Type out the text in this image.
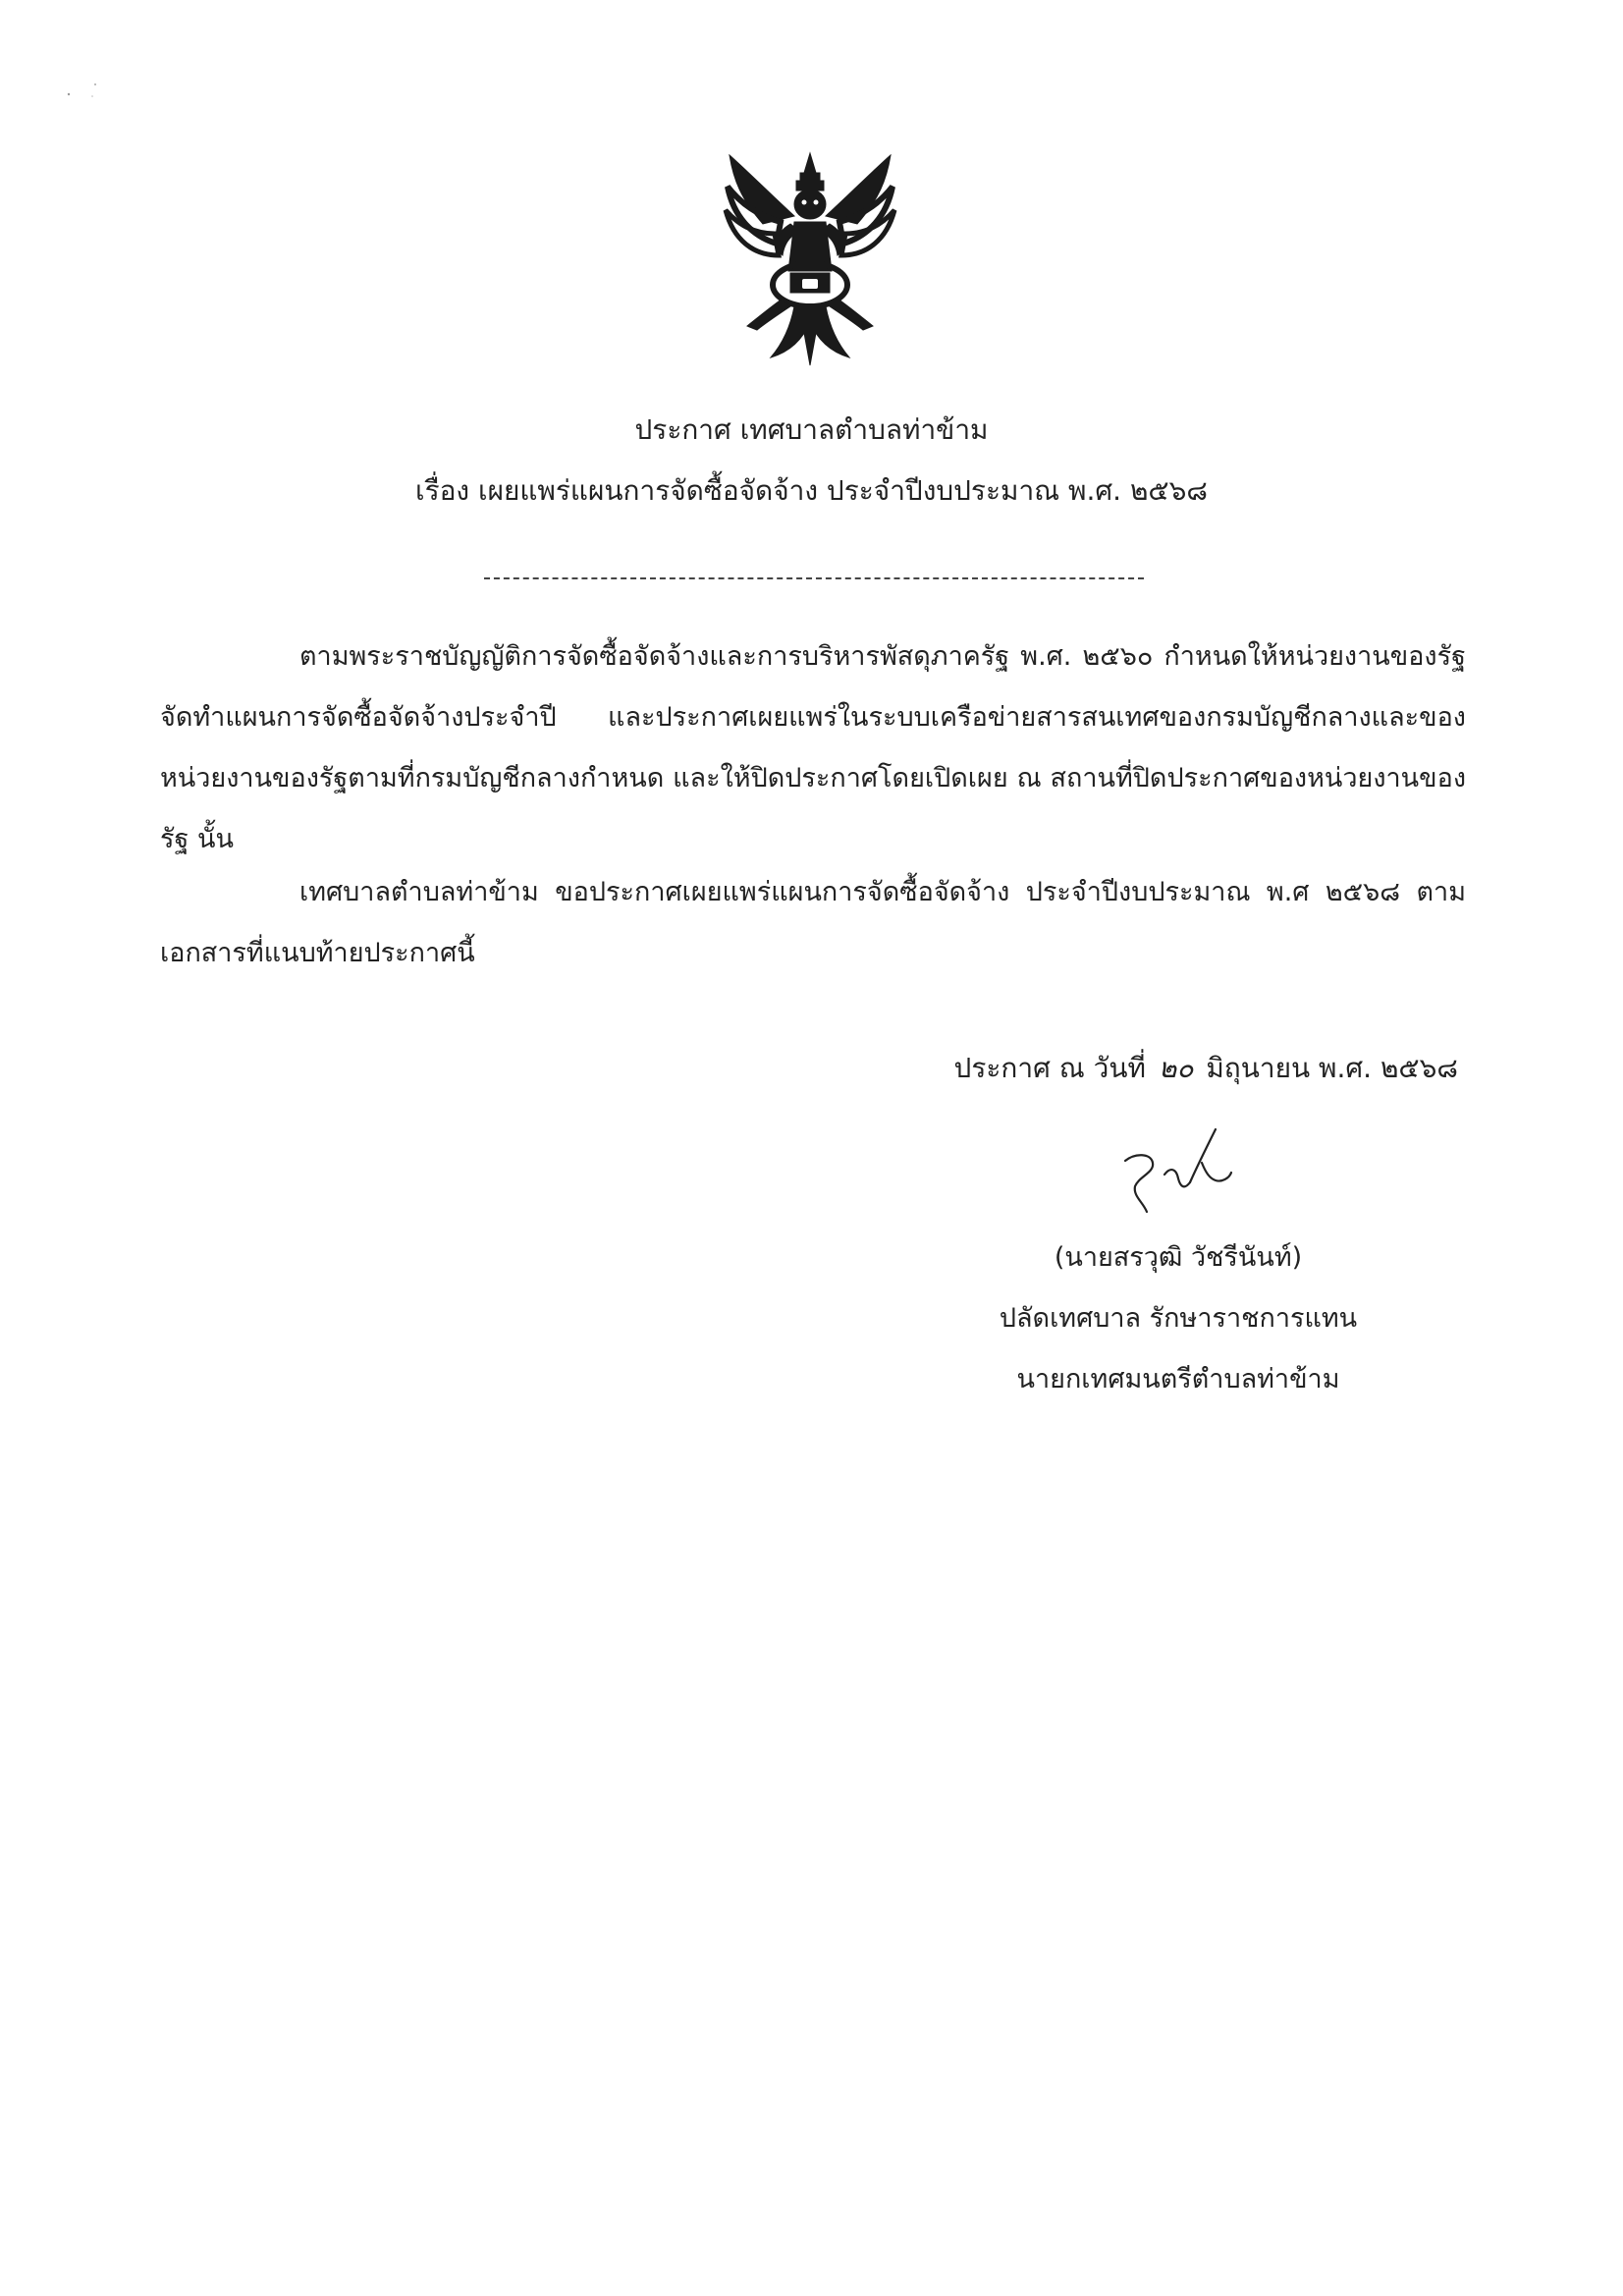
ประกาศ เทศบาลตำบลท่าข้าม
เรื่อง เผยแพร่แผนการจัดซื้อจัดจ้าง ประจำปีงบประมาณ พ.ศ. ๒๕๖๘

ตามพระราชบัญญัติการจัดซื้อจัดจ้างและการบริหารพัสดุภาครัฐ พ.ศ. ๒๕๖๐ กำหนดให้หน่วยงานของรัฐจัดทำแผนการจัดซื้อจัดจ้างประจำปี และประกาศเผยแพร่ในระบบเครือข่ายสารสนเทศของกรมบัญชีกลางและของหน่วยงานของรัฐตามที่กรมบัญชีกลางกำหนด และให้ปิดประกาศโดยเปิดเผย ณ สถานที่ปิดประกาศของหน่วยงานของรัฐ นั้น

เทศบาลตำบลท่าข้าม ขอประกาศเผยแพร่แผนการจัดซื้อจัดจ้าง ประจำปีงบประมาณ พ.ศ ๒๕๖๘ ตามเอกสารที่แนบท้ายประกาศนี้

ประกาศ ณ วันที่ ๒๐ มิถุนายน พ.ศ. ๒๕๖๘
(นายสรวุฒิ วัชรีนันท์)
ปลัดเทศบาล รักษาราชการแทน
นายกเทศมนตรีตำบลท่าข้าม
